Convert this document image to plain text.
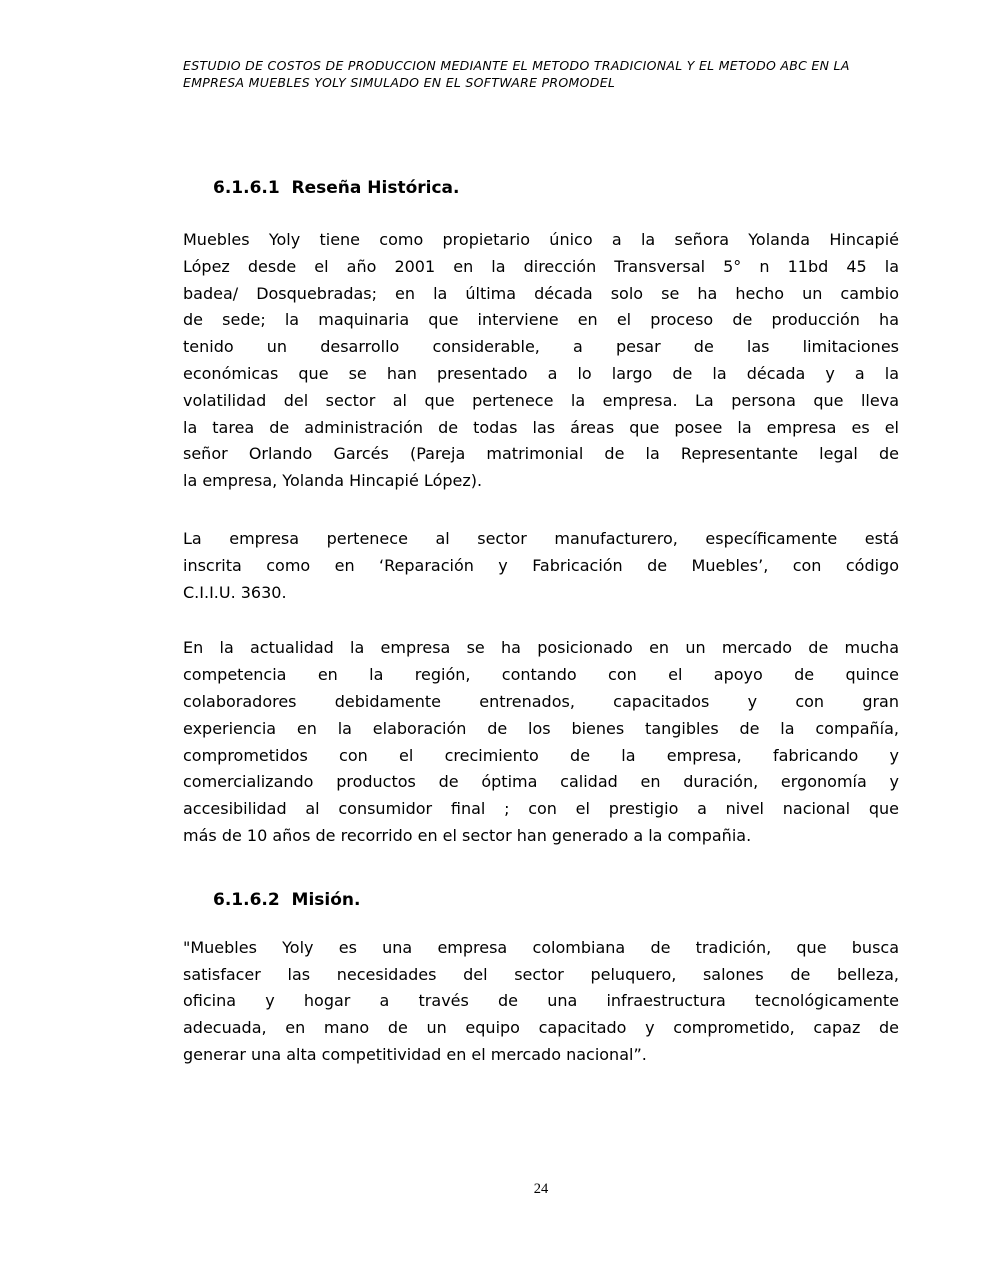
ESTUDIO DE COSTOS DE PRODUCCION MEDIANTE EL METODO TRADICIONAL Y EL METODO ABC EN LA
EMPRESA MUEBLES YOLY SIMULADO EN EL SOFTWARE PROMODEL
6.1.6.1  Reseña Histórica.
Muebles Yoly tiene como propietario único a la señora Yolanda Hincapié
López desde el año 2001 en la dirección Transversal 5° n 11bd 45 la
badea/ Dosquebradas; en la última década solo se ha hecho un cambio
de sede; la maquinaria que interviene en el proceso de producción ha
tenido un desarrollo considerable, a pesar de las limitaciones
económicas que se han presentado a lo largo de la década y a la
volatilidad del sector al que pertenece la empresa. La persona que lleva
la tarea de administración de todas las áreas que posee la empresa es el
señor Orlando Garcés (Pareja matrimonial de la Representante legal de
la empresa, Yolanda Hincapié López).
La empresa pertenece al sector manufacturero, específicamente está
inscrita como en ‘Reparación y Fabricación de Muebles’, con código
C.I.I.U. 3630.
En la actualidad la empresa se ha posicionado en un mercado de mucha
competencia en la región, contando con el apoyo de quince
colaboradores debidamente entrenados, capacitados y con gran
experiencia en la elaboración de los bienes tangibles de la compañía,
comprometidos con el crecimiento de la empresa, fabricando y
comercializando productos de óptima calidad en duración, ergonomía y
accesibilidad al consumidor final ; con el prestigio a nivel nacional que
más de 10 años de recorrido en el sector han generado a la compañia.
6.1.6.2  Misión.
"Muebles Yoly es una empresa colombiana de tradición, que busca
satisfacer las necesidades del sector peluquero, salones de belleza,
oficina y hogar a través de una infraestructura tecnológicamente
adecuada, en mano de un equipo capacitado y comprometido, capaz de
generar una alta competitividad en el mercado nacional”.
24
